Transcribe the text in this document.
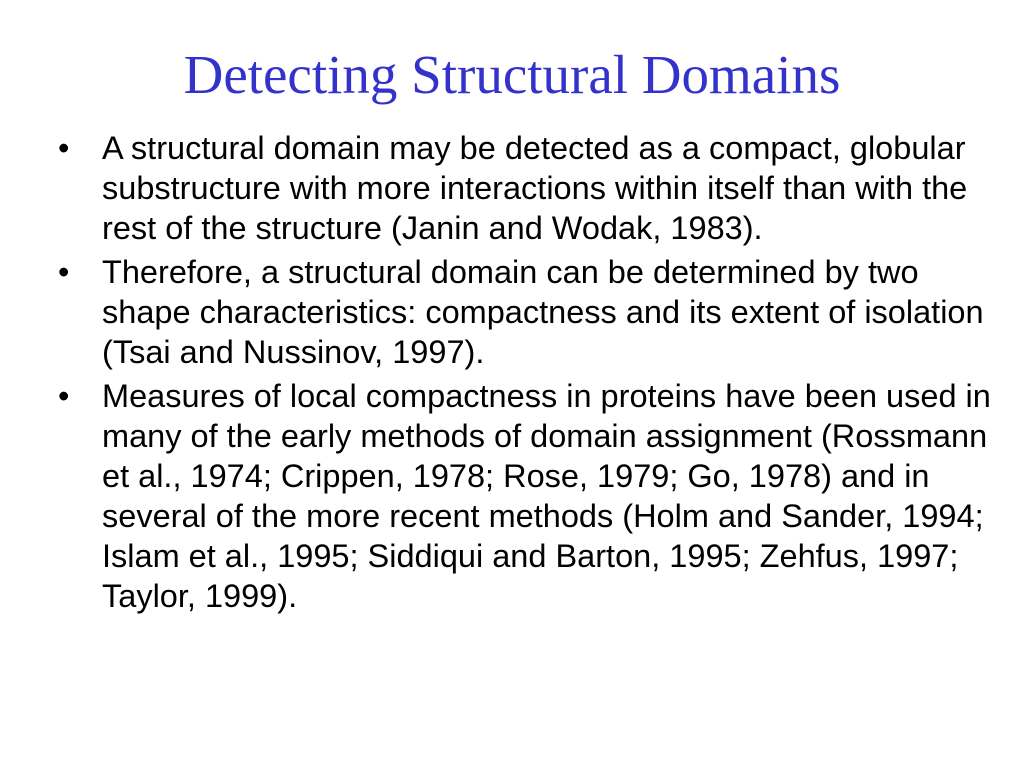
Detecting Structural Domains
•	A structural domain may be detected as a compact, globular substructure with more interactions within itself than with the rest of the structure (Janin and Wodak, 1983).
•	Therefore, a structural domain can be determined by two shape characteristics: compactness and its extent of isolation (Tsai and Nussinov, 1997).
•	Measures of local compactness in proteins have been used in many of the early methods of domain assignment (Rossmann et al., 1974; Crippen, 1978; Rose, 1979; Go, 1978) and in several of the more recent methods (Holm and Sander, 1994; Islam et al., 1995; Siddiqui and Barton, 1995; Zehfus, 1997; Taylor, 1999).
